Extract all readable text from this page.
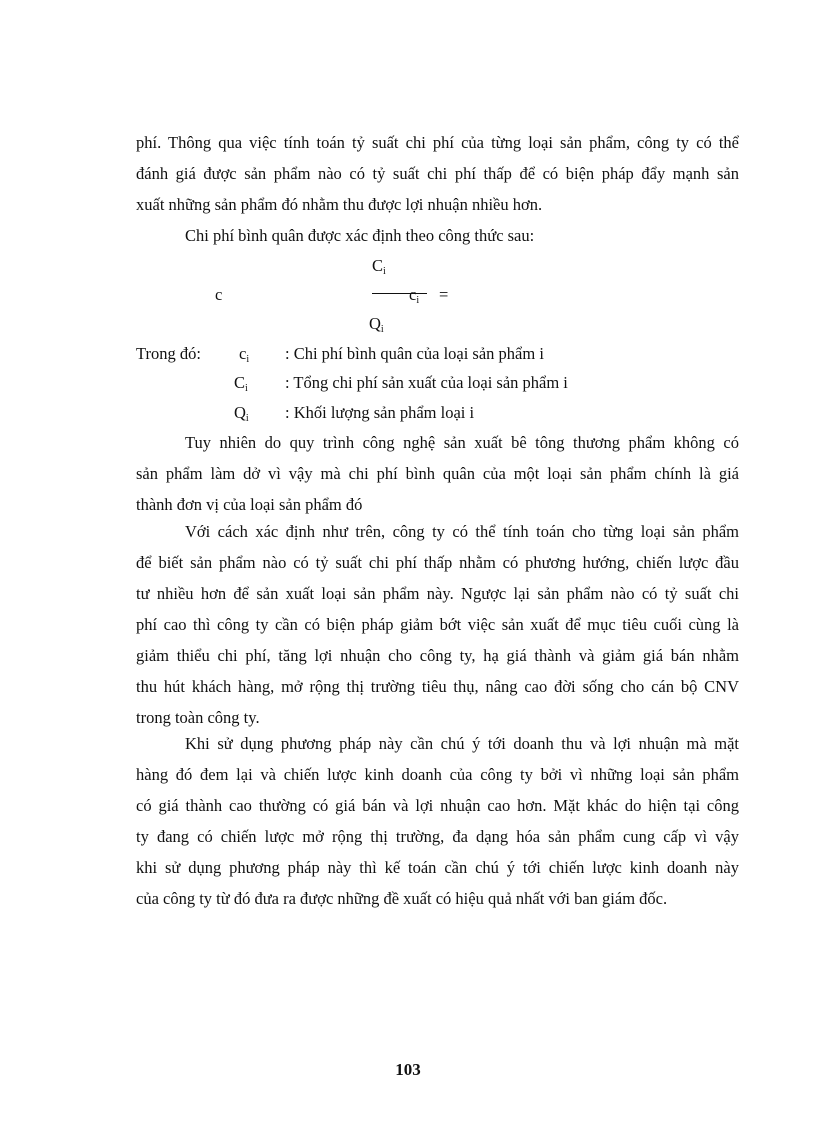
phí. Thông qua việc tính toán tỷ suất chi phí của từng loại sản phẩm, công ty có thể
đánh giá được sản phẩm nào có tỷ suất chi phí thấp để có biện pháp đẩy mạnh sản
xuất những sản phẩm đó nhằm thu được lợi nhuận nhiều hơn.
Chi phí bình quân được xác định theo công thức sau:
c
$C_i$
$c_i$ =
$Q_i$
Trong đó: $c_i$ : Chi phí bình quân của loại sản phẩm i
$C_i$ : Tổng chi phí sản xuất của loại sản phẩm i
$Q_i$ : Khối lượng sản phẩm loại i
Tuy nhiên do quy trình công nghệ sản xuất bê tông thương phẩm không có
sản phẩm làm dở vì vậy mà chi phí bình quân của một loại sản phẩm chính là giá
thành đơn vị của loại sản phẩm đó
Với cách xác định như trên, công ty có thể tính toán cho từng loại sản phẩm
để biết sản phẩm nào có tỷ suất chi phí thấp nhằm có phương hướng, chiến lược đầu
tư nhiều hơn để sản xuất loại sản phẩm này. Ngược lại sản phẩm nào có tỷ suất chi
phí cao thì công ty cần có biện pháp giảm bớt việc sản xuất để mục tiêu cuối cùng là
giảm thiểu chi phí, tăng lợi nhuận cho công ty, hạ giá thành và giảm giá bán nhằm
thu hút khách hàng, mở rộng thị trường tiêu thụ, nâng cao đời sống cho cán bộ CNV
trong toàn công ty.
Khi sử dụng phương pháp này cần chú ý tới doanh thu và lợi nhuận mà mặt
hàng đó đem lại và chiến lược kinh doanh của công ty bởi vì những loại sản phẩm
có giá thành cao thường có giá bán và lợi nhuận cao hơn. Mặt khác do hiện tại công
ty đang có chiến lược mở rộng thị trường, đa dạng hóa sản phẩm cung cấp vì vậy
khi sử dụng phương pháp này thì kế toán cần chú ý tới chiến lược kinh doanh này
của công ty từ đó đưa ra được những đề xuất có hiệu quả nhất với ban giám đốc.
103
